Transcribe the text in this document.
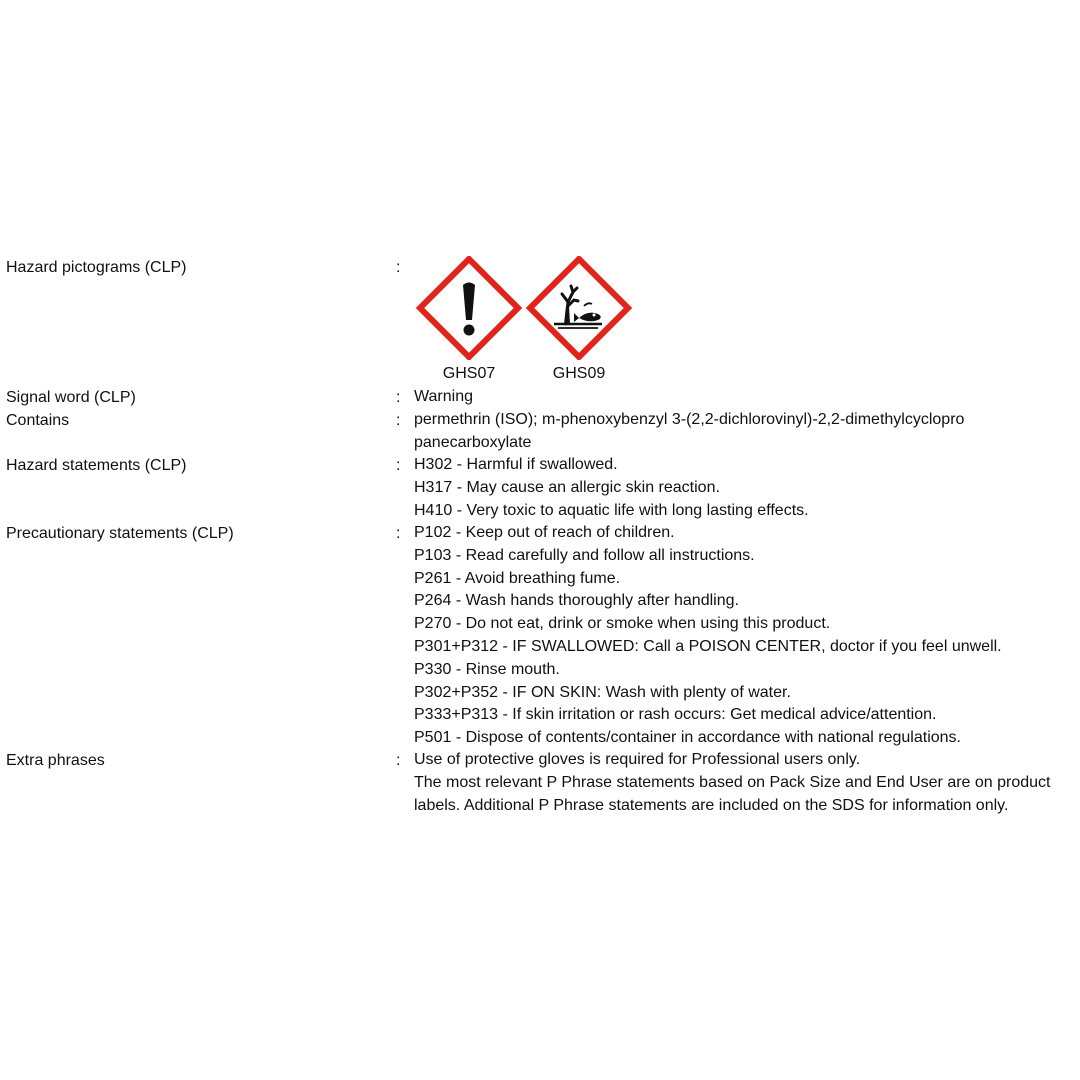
Hazard pictograms (CLP)	:
GHS07	GHS09
Signal word (CLP)	: Warning
Contains	: permethrin (ISO); m-phenoxybenzyl 3-(2,2-dichlorovinyl)-2,2-dimethylcyclopro
panecarboxylate
Hazard statements (CLP)	: H302 - Harmful if swallowed.
H317 - May cause an allergic skin reaction.
H410 - Very toxic to aquatic life with long lasting effects.
Precautionary statements (CLP)	: P102 - Keep out of reach of children.
P103 - Read carefully and follow all instructions.
P261 - Avoid breathing fume.
P264 - Wash hands thoroughly after handling.
P270 - Do not eat, drink or smoke when using this product.
P301+P312 - IF SWALLOWED: Call a POISON CENTER, doctor if you feel unwell.
P330 - Rinse mouth.
P302+P352 - IF ON SKIN: Wash with plenty of water.
P333+P313 - If skin irritation or rash occurs: Get medical advice/attention.
P501 - Dispose of contents/container in accordance with national regulations.
Extra phrases	: Use of protective gloves is required for Professional users only.
The most relevant P Phrase statements based on Pack Size and End User are on product
labels. Additional P Phrase statements are included on the SDS for information only.
